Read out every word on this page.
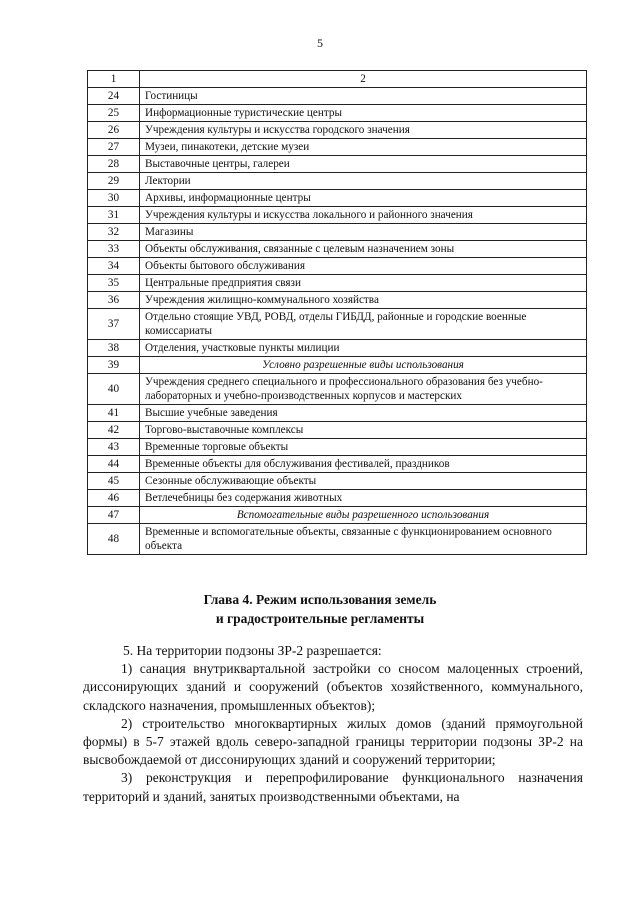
5
1	2
24	Гостиницы
25	Информационные туристические центры
26	Учреждения культуры и искусства городского значения
27	Музеи, пинакотеки, детские музеи
28	Выставочные центры, галереи
29	Лектории
30	Архивы, информационные центры
31	Учреждения культуры и искусства локального и районного значения
32	Магазины
33	Объекты обслуживания, связанные с целевым назначением зоны
34	Объекты бытового обслуживания
35	Центральные предприятия связи
36	Учреждения жилищно-коммунального хозяйства
37	Отдельно стоящие УВД, РОВД, отделы ГИБДД, районные и городские военные комиссариаты
38	Отделения, участковые пункты милиции
39	Условно разрешенные виды использования
40	Учреждения среднего специального и профессионального образования без учебно-лабораторных и учебно-производственных корпусов и мастерских
41	Высшие учебные заведения
42	Торгово-выставочные комплексы
43	Временные торговые объекты
44	Временные объекты для обслуживания фестивалей, праздников
45	Сезонные обслуживающие объекты
46	Ветлечебницы без содержания животных
47	Вспомогательные виды разрешенного использования
48	Временные и вспомогательные объекты, связанные с функционированием основного объекта
Глава 4. Режим использования земель
и градостроительные регламенты

5. На территории подзоны ЗР-2 разрешается:

1) санация внутриквартальной застройки со сносом малоценных строений, диссонирующих зданий и сооружений (объектов хозяйственного, коммунального, складского назначения, промышленных объектов);

2) строительство многоквартирных жилых домов (зданий прямоугольной формы) в 5-7 этажей вдоль северо-западной границы территории подзоны ЗР-2 на высвобождаемой от диссонирующих зданий и сооружений территории;

3) реконструкция и перепрофилирование функционального назначения территорий и зданий, занятых производственными объектами, на
